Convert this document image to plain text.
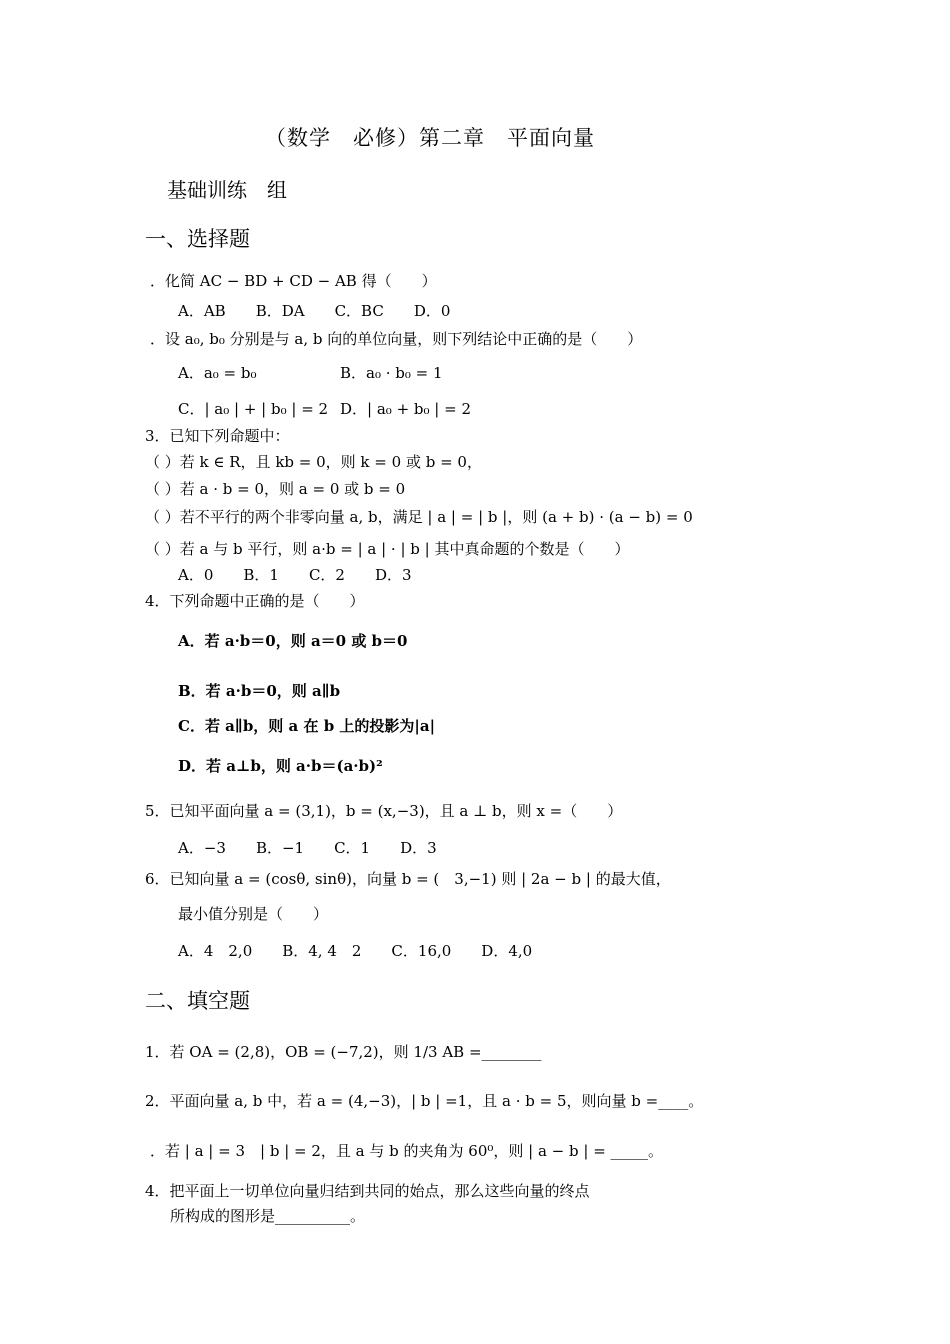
（数学　必修）第二章　平面向量
基础训练　组
一、选择题
．化简 AC − BD + CD − AB 得（　　）
A．AB　　B．DA　　C．BC　　D．0
．设 a₀, b₀ 分别是与 a, b 向的单位向量，则下列结论中正确的是（　　）
A．a₀ = b₀	B．a₀ · b₀ = 1
C．| a₀ | + | b₀ | = 2 D．| a₀ + b₀ | = 2
3．已知下列命题中：
（ ）若 k ∈ R，且 kb = 0，则 k = 0 或 b = 0，
（ ）若 a · b = 0，则 a = 0 或 b = 0
（ ）若不平行的两个非零向量 a, b，满足 | a | = | b |，则 (a + b) · (a − b) = 0
（ ）若 a 与 b 平行，则 a·b = | a | · | b | 其中真命题的个数是（　　）
A．0　　B．1　　C．2　　D．3
4．下列命题中正确的是（　　）
A．若 a·b＝0，则 a＝0 或 b＝0
B．若 a·b＝0，则 a∥b
C．若 a∥b，则 a 在 b 上的投影为|a|
D．若 a⊥b，则 a·b＝(a·b)²
5．已知平面向量 a = (3,1)，b = (x,−3)，且 a ⊥ b，则 x =（　　）
A．−3　　B．−1　　C．1　　D．3
6．已知向量 a = (cosθ, sinθ)，向量 b = (　3,−1) 则 | 2a − b | 的最大值，
最小值分别是（　　）
A．4　2,0　　B．4, 4　2　　C．16,0　　D．4,0
二、填空题
1．若 OA = (2,8)，OB = (−7,2)，则 1/3 AB =________
2．平面向量 a, b 中，若 a = (4,−3)，| b | =1，且 a · b = 5，则向量 b =____。
．若 | a | = 3　| b | = 2，且 a 与 b 的夹角为 60⁰，则 | a − b | = _____。
4．把平面上一切单位向量归结到共同的始点，那么这些向量的终点
所构成的图形是__________。
